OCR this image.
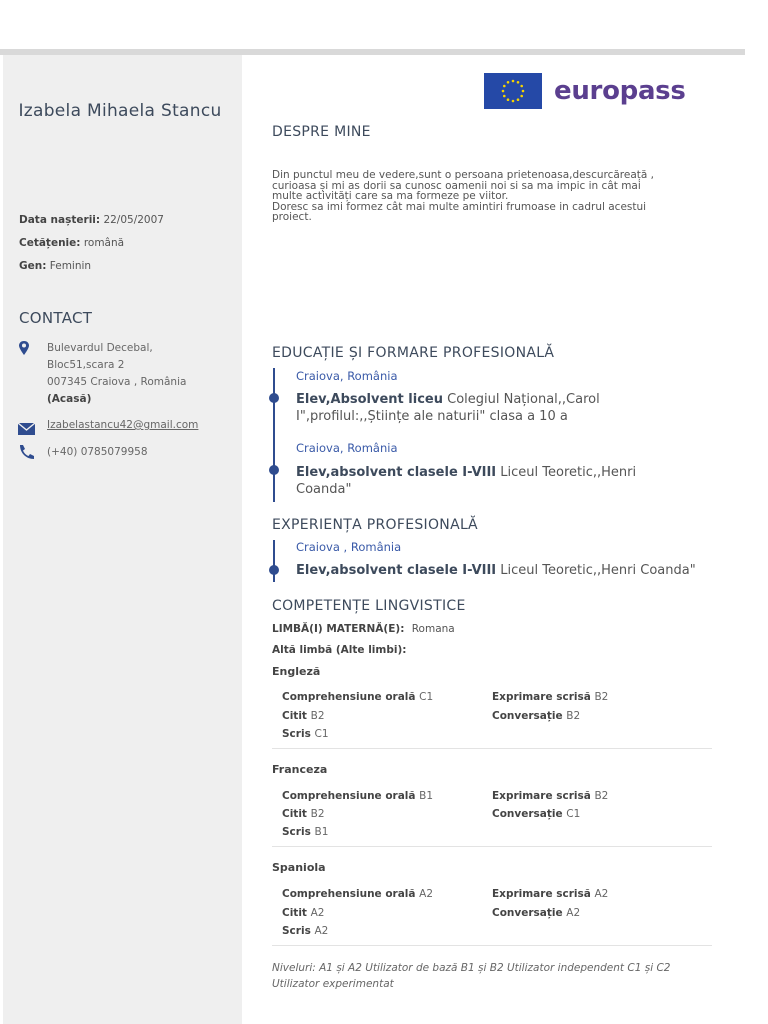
Izabela Mihaela Stancu
Data nașterii: 22/05/2007
Cetățenie: română
Gen: Feminin
CONTACT
Bulevardul Decebal,
Bloc51,scara 2
007345 Craiova , România
(Acasă)
Izabelastancu42@gmail.com
(+40) 0785079958
europass
DESPRE MINE
Din punctul meu de vedere,sunt o persoana prietenoasa,descurcăreață ,
curioasa și mi as dorii sa cunosc oamenii noi si sa ma impic in cât mai
multe activități care sa ma formeze pe viitor.
Doresc sa imi formez cât mai multe amintiri frumoase in cadrul acestui
proiect.
EDUCAȚIE ȘI FORMARE PROFESIONALĂ
Craiova, România
Elev,Absolvent liceu Colegiul Național,,Carol
I",profilul:,,Științe ale naturii" clasa a 10 a
Craiova, România
Elev,absolvent clasele I-VIII Liceul Teoretic,,Henri
Coanda"
EXPERIENȚA PROFESIONALĂ
Craiova , România
Elev,absolvent clasele I-VIII Liceul Teoretic,,Henri Coanda"
COMPETENȚE LINGVISTICE
LIMBĂ(I) MATERNĂ(E): Romana
Altă limbă (Alte limbi):
Engleză
Comprehensiune orală C1
Citit B2
Scris C1
Exprimare scrisă B2
Conversație B2
Franceza
Comprehensiune orală B1
Citit B2
Scris B1
Exprimare scrisă B2
Conversație C1
Spaniola
Comprehensiune orală A2
Citit A2
Scris A2
Exprimare scrisă A2
Conversație A2
Niveluri: A1 și A2 Utilizator de bază B1 și B2 Utilizator independent C1 și C2
Utilizator experimentat
